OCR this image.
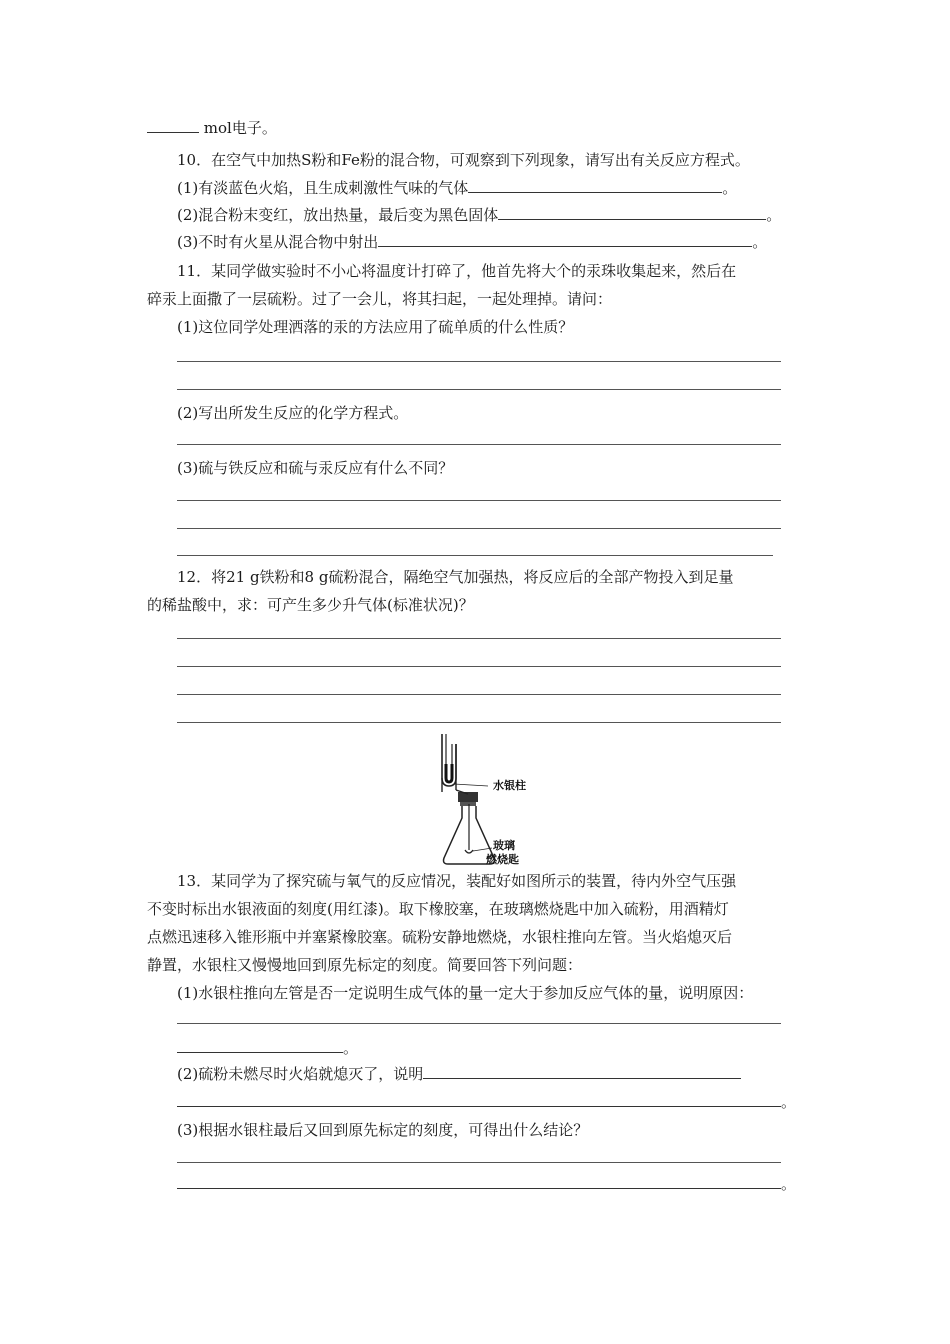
mol电子。
10．在空气中加热S粉和Fe粉的混合物，可观察到下列现象，请写出有关反应方程式。
(1)有淡蓝色火焰，且生成刺激性气味的气体	。
(2)混合粉末变红，放出热量，最后变为黑色固体	。
(3)不时有火星从混合物中射出	。
11．某同学做实验时不小心将温度计打碎了，他首先将大个的汞珠收集起来，然后在
碎汞上面撒了一层硫粉。过了一会儿，将其扫起，一起处理掉。请问：
(1)这位同学处理洒落的汞的方法应用了硫单质的什么性质？
(2)写出所发生反应的化学方程式。
(3)硫与铁反应和硫与汞反应有什么不同？
12．将21 g铁粉和8 g硫粉混合，隔绝空气加强热，将反应后的全部产物投入到足量
的稀盐酸中，求：可产生多少升气体(标准状况)？
水银柱
玻璃
燃烧匙
13．某同学为了探究硫与氧气的反应情况，装配好如图所示的装置，待内外空气压强
不变时标出水银液面的刻度(用红漆)。取下橡胶塞，在玻璃燃烧匙中加入硫粉，用酒精灯
点燃迅速移入锥形瓶中并塞紧橡胶塞。硫粉安静地燃烧，水银柱推向左管。当火焰熄灭后
静置，水银柱又慢慢地回到原先标定的刻度。简要回答下列问题：
(1)水银柱推向左管是否一定说明生成气体的量一定大于参加反应气体的量，说明原因：
。
(2)硫粉未燃尽时火焰就熄灭了，说明
。
(3)根据水银柱最后又回到原先标定的刻度，可得出什么结论？
。
